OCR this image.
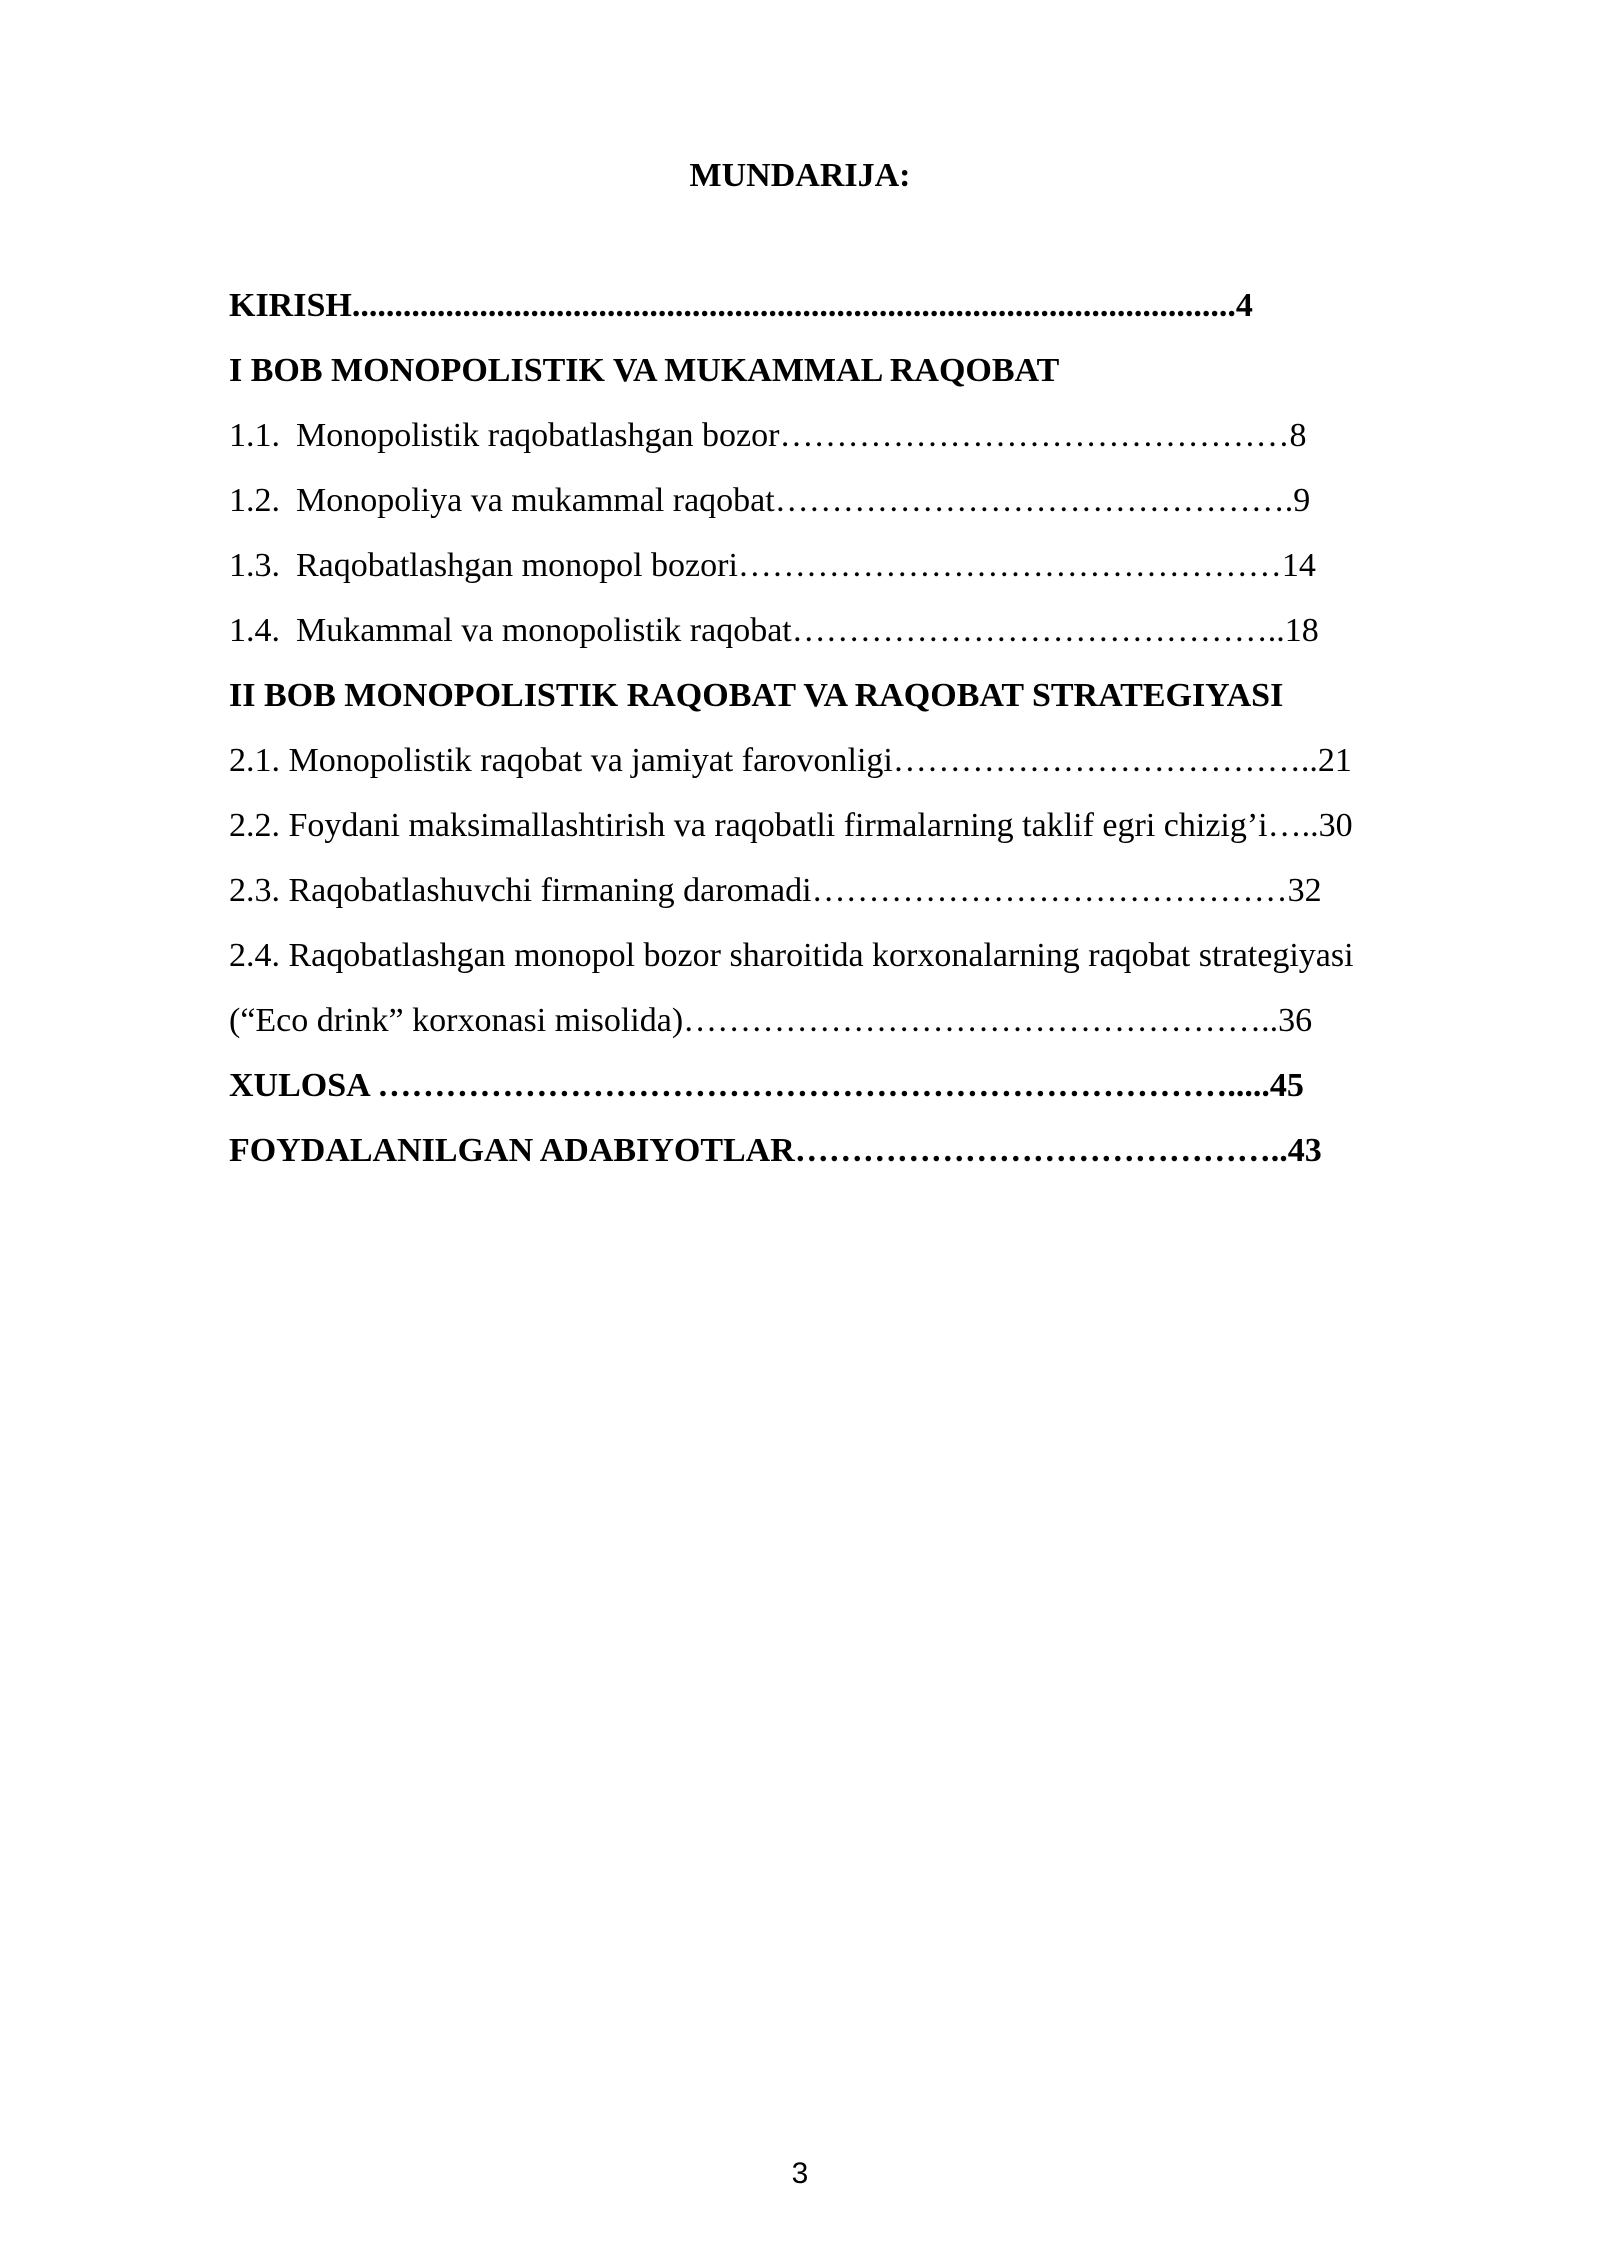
MUNDARIJA:
KIRISH........................................................................................................4
I BOB MONOPOLISTIK VA MUKAMMAL RAQOBAT
1.1. Monopolistik raqobatlashgan bozor………………………………………8
1.2. Monopoliya va mukammal raqobat……………………………………….9
1.3. Raqobatlashgan monopol bozori…………………………………………14
1.4. Mukammal va monopolistik raqobat……………………………………..18
II BOB MONOPOLISTIK RAQOBAT VA RAQOBAT STRATEGIYASI
2.1. Monopolistik raqobat va jamiyat farovonligi………………………………..21
2.2. Foydani maksimallashtirish va raqobatli firmalarning taklif egri chizig’i…..30
2.3. Raqobatlashuvchi firmaning daromadi……………………………………32
2.4. Raqobatlashgan monopol bozor sharoitida korxonalarning raqobat strategiyasi
(“Eco drink” korxonasi misolida)……………………………………………..36
XULOSA ………………………………………………………………….....45
FOYDALANILGAN ADABIYOTLAR……………………………………..43
3
